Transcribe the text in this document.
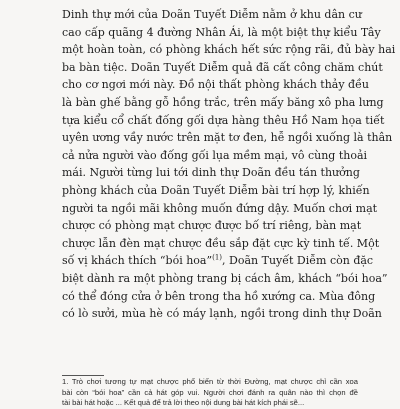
Dinh thự mới của Doãn Tuyết Diễm nằm ở khu dân cư
cao cấp quãng 4 đường Nhân Ái, là một biệt thự kiểu Tây
một hoàn toàn, có phòng khách hết sức rộng rãi, đủ bày hai
ba bàn tiệc. Doãn Tuyết Diễm quả đã cất công chăm chút
cho cơ ngơi mới này. Đồ nội thất phòng khách thảy đều
là bàn ghế bằng gỗ hồng trắc, trên mấy băng xô pha lưng
tựa kiểu cổ chất đống gối dựa hàng thêu Hồ Nam họa tiết
uyên ương vầy nước trên mặt tơ đen, hễ ngồi xuống là thân
cả nửa người vào đống gối lụa mềm mại, vô cùng thoải
mái. Người từng lui tới dinh thự Doãn đều tán thưởng
phòng khách của Doãn Tuyết Diễm bài trí hợp lý, khiến
người ta ngồi mãi không muốn đứng dậy. Muốn chơi mạt
chược có phòng mạt chược được bố trí riêng, bàn mạt
chược lẫn đèn mạt chược đều sắp đặt cực kỳ tinh tế. Một
số vị khách thích “bói hoa”$^{(1)}$, Doãn Tuyết Diễm còn đặc
biệt dành ra một phòng trang bị cách âm, khách “bói hoa”
có thể đóng cửa ở bên trong tha hồ xướng ca. Mùa đông
có lò sưởi, mùa hè có máy lạnh, ngồi trong dinh thự Doãn
1. Trò chơi tương tự mạt chược phổ biến từ thời Đường, mạt chược chỉ cần xoa
bài còn “bói hoa” cần cả hát góp vui. Người chơi đánh ra quân nào thì chọn đề
tài bài hát hoặc ... Kết quả để trả lời theo nội dung bài hát kích phái sẽ...
